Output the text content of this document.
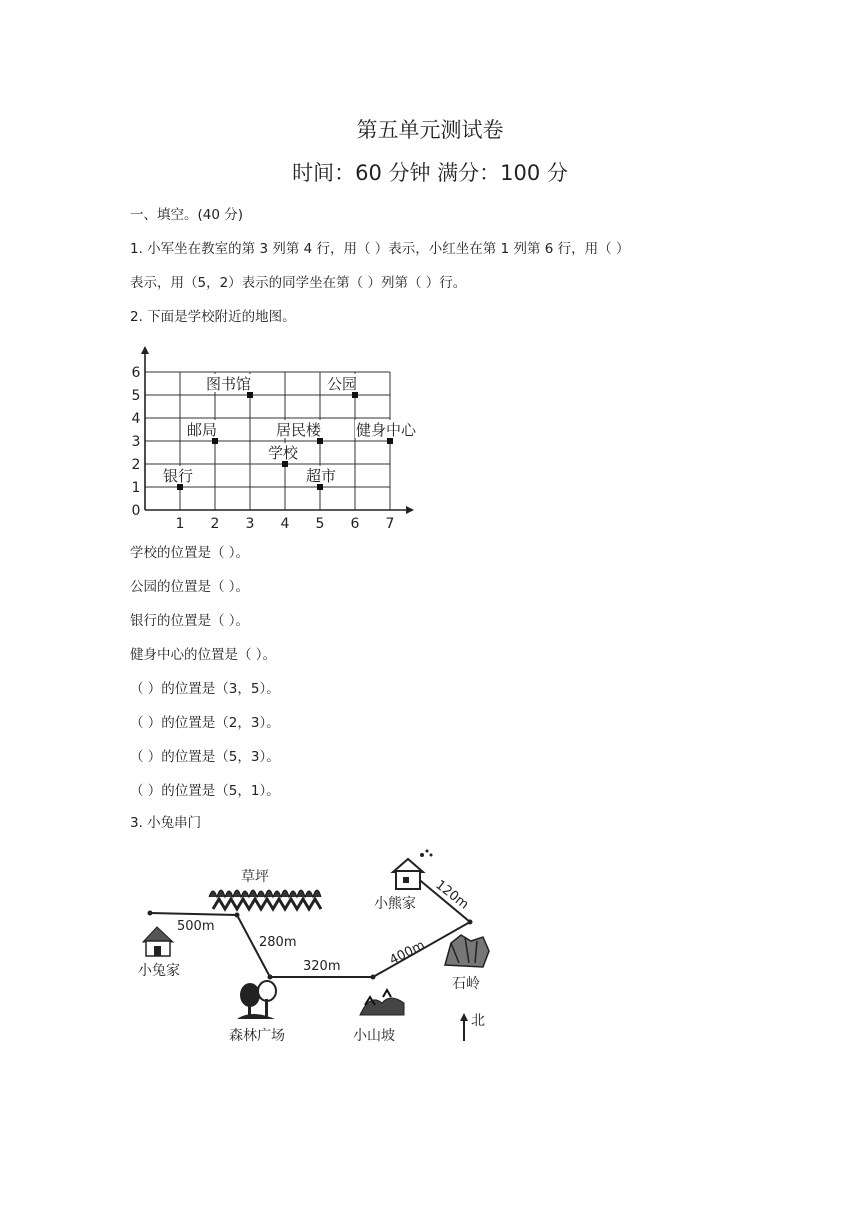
第五单元测试卷
时间：60 分钟 满分：100 分
一、填空。(40 分)
1. 小军坐在教室的第 3 列第 4 行，用（ ）表示，小红坐在第 1 列第 6 行，用（ ）
表示，用（5，2）表示的同学坐在第（ ）列第（ ）行。
2. 下面是学校附近的地图。
1 2 3 4 5 6 7
0
1
2
3
4
5
6
银行
邮局
图书馆
学校
超市
居民楼
公园
健身中心
学校的位置是（ ）。
公园的位置是（ ）。
银行的位置是（ ）。
健身中心的位置是（ ）。
（ ）的位置是（3，5）。
（ ）的位置是（2，3）。
（ ）的位置是（5，3）。
（ ）的位置是（5，1）。
3. 小兔串门
小兔家
草坪
森林广场	小山坡
石岭
小熊家
500m
280m
320m	400m
120m
北
